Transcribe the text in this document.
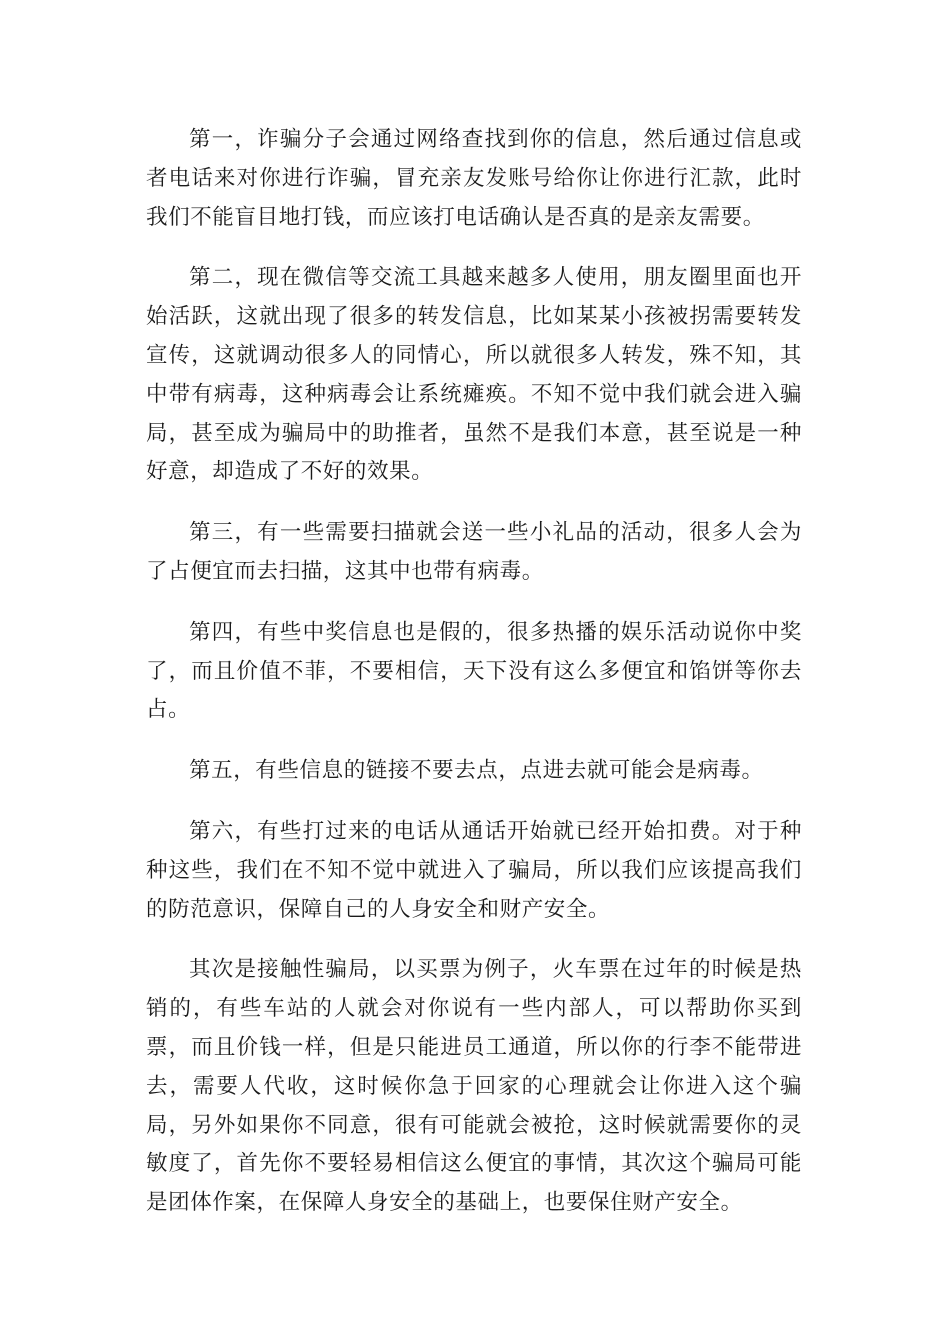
第一，诈骗分子会通过网络查找到你的信息，然后通过信息或者电话来对你进行诈骗，冒充亲友发账号给你让你进行汇款，此时我们不能盲目地打钱，而应该打电话确认是否真的是亲友需要。

第二，现在微信等交流工具越来越多人使用，朋友圈里面也开始活跃，这就出现了很多的转发信息，比如某某小孩被拐需要转发宣传，这就调动很多人的同情心，所以就很多人转发，殊不知，其中带有病毒，这种病毒会让系统瘫痪。不知不觉中我们就会进入骗局，甚至成为骗局中的助推者，虽然不是我们本意，甚至说是一种好意，却造成了不好的效果。

第三，有一些需要扫描就会送一些小礼品的活动，很多人会为了占便宜而去扫描，这其中也带有病毒。

第四，有些中奖信息也是假的，很多热播的娱乐活动说你中奖了，而且价值不菲，不要相信，天下没有这么多便宜和馅饼等你去占。

第五，有些信息的链接不要去点，点进去就可能会是病毒。

第六，有些打过来的电话从通话开始就已经开始扣费。对于种种这些，我们在不知不觉中就进入了骗局，所以我们应该提高我们的防范意识，保障自己的人身安全和财产安全。

其次是接触性骗局，以买票为例子，火车票在过年的时候是热销的，有些车站的人就会对你说有一些内部人，可以帮助你买到票，而且价钱一样，但是只能进员工通道，所以你的行李不能带进去，需要人代收，这时候你急于回家的心理就会让你进入这个骗局，另外如果你不同意，很有可能就会被抢，这时候就需要你的灵敏度了，首先你不要轻易相信这么便宜的事情，其次这个骗局可能是团体作案，在保障人身安全的基础上，也要保住财产安全。
